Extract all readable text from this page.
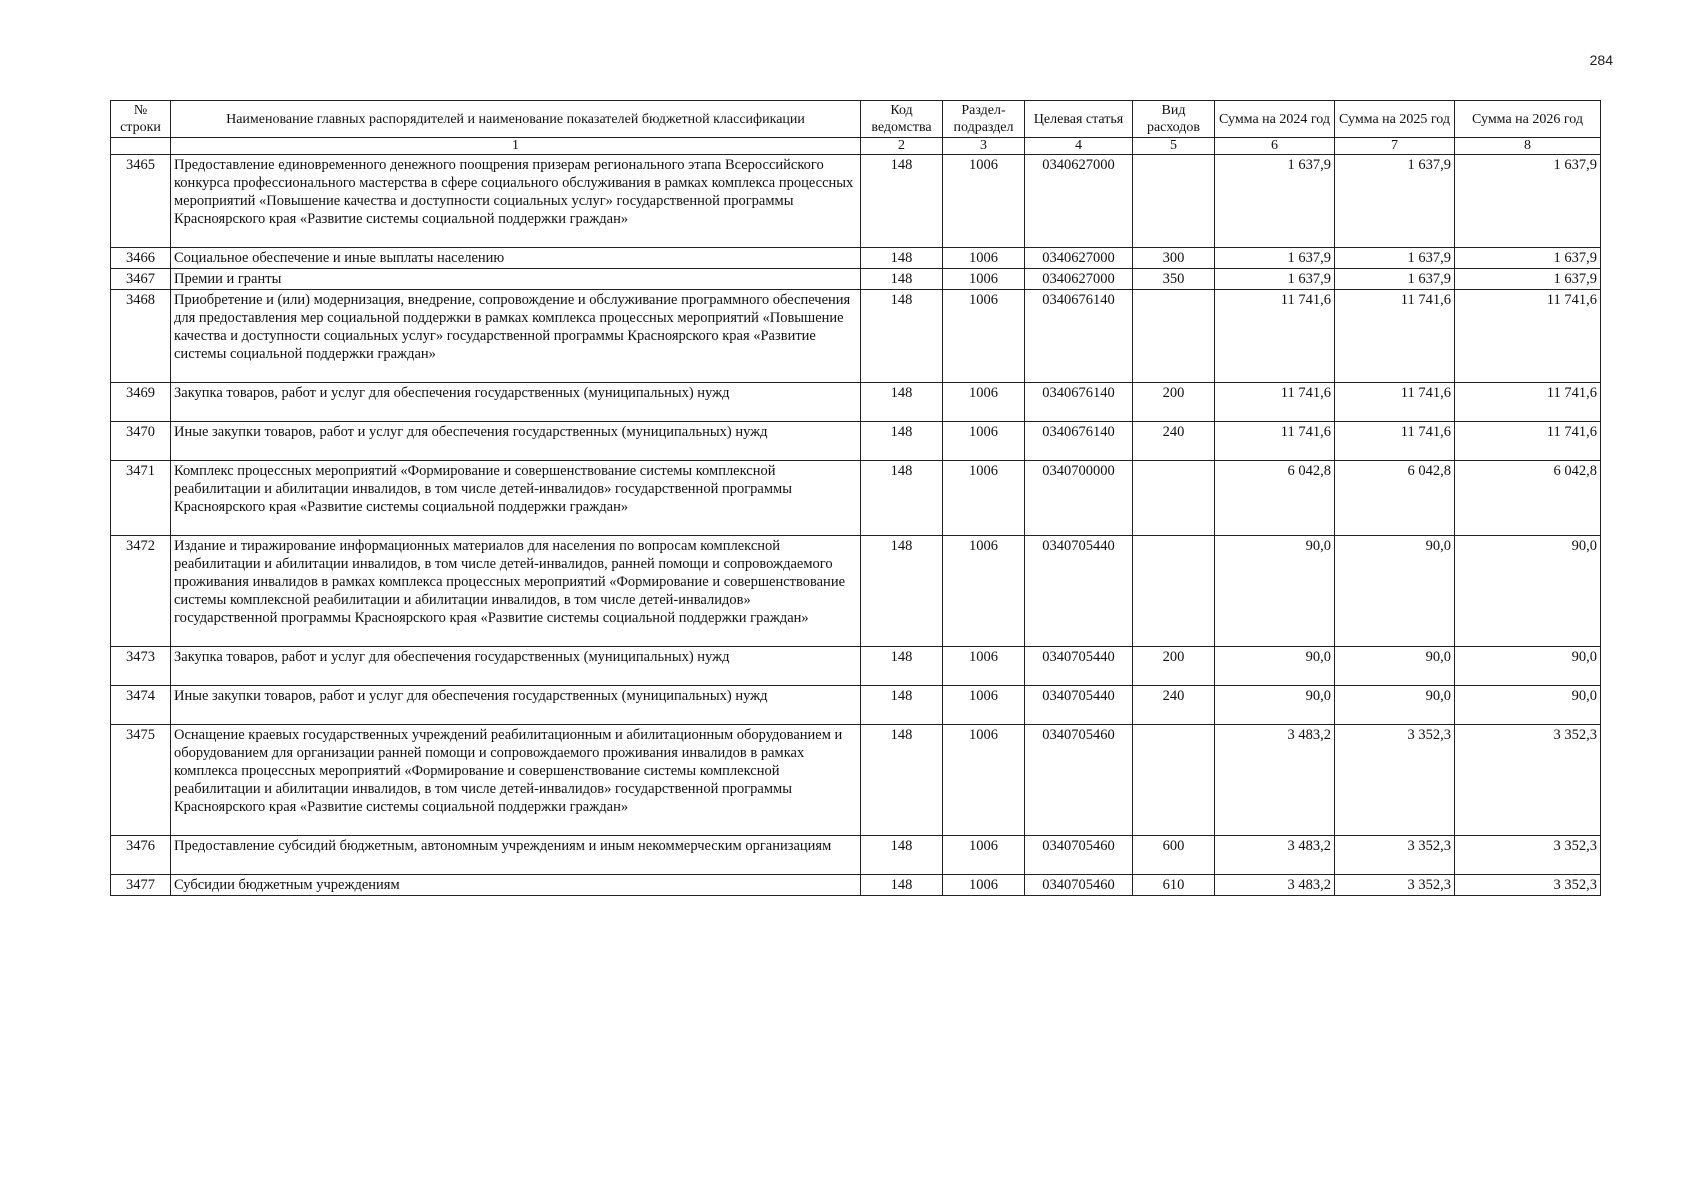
284
№ строки	Наименование главных распорядителей и наименование показателей бюджетной классификации	Код ведомства	Раздел-подраздел	Целевая статья	Вид расходов	Сумма на 2024 год	Сумма на 2025 год	Сумма на 2026 год
	1	2	3	4	5	6	7	8
3465	Предоставление единовременного денежного поощрения призерам регионального этапа Всероссийского конкурса профессионального мастерства в сфере социального обслуживания в рамках комплекса процессных мероприятий «Повышение качества и доступности социальных услуг» государственной программы Красноярского края «Развитие системы социальной поддержки граждан»	148	1006	0340627000		1 637,9	1 637,9	1 637,9
3466	Социальное обеспечение и иные выплаты населению	148	1006	0340627000	300	1 637,9	1 637,9	1 637,9
3467	Премии и гранты	148	1006	0340627000	350	1 637,9	1 637,9	1 637,9
3468	Приобретение и (или) модернизация, внедрение, сопровождение и обслуживание программного обеспечения для предоставления мер социальной поддержки в рамках комплекса процессных мероприятий «Повышение качества и доступности социальных услуг» государственной программы Красноярского края «Развитие системы социальной поддержки граждан»	148	1006	0340676140		11 741,6	11 741,6	11 741,6
3469	Закупка товаров, работ и услуг для обеспечения государственных (муниципальных) нужд	148	1006	0340676140	200	11 741,6	11 741,6	11 741,6
3470	Иные закупки товаров, работ и услуг для обеспечения государственных (муниципальных) нужд	148	1006	0340676140	240	11 741,6	11 741,6	11 741,6
3471	Комплекс процессных мероприятий «Формирование и совершенствование системы комплексной реабилитации и абилитации инвалидов, в том числе детей-инвалидов» государственной программы Красноярского края «Развитие системы социальной поддержки граждан»	148	1006	0340700000		6 042,8	6 042,8	6 042,8
3472	Издание и тиражирование информационных материалов для населения по вопросам комплексной реабилитации и абилитации инвалидов, в том числе детей-инвалидов, ранней помощи и сопровождаемого проживания инвалидов в рамках комплекса процессных мероприятий «Формирование и совершенствование системы комплексной реабилитации и абилитации инвалидов, в том числе детей-инвалидов» государственной программы Красноярского края «Развитие системы социальной поддержки граждан»	148	1006	0340705440		90,0	90,0	90,0
3473	Закупка товаров, работ и услуг для обеспечения государственных (муниципальных) нужд	148	1006	0340705440	200	90,0	90,0	90,0
3474	Иные закупки товаров, работ и услуг для обеспечения государственных (муниципальных) нужд	148	1006	0340705440	240	90,0	90,0	90,0
3475	Оснащение краевых государственных учреждений реабилитационным и абилитационным оборудованием и оборудованием для организации ранней помощи и сопровождаемого проживания инвалидов в рамках комплекса процессных мероприятий «Формирование и совершенствование системы комплексной реабилитации и абилитации инвалидов, в том числе детей-инвалидов» государственной программы Красноярского края «Развитие системы социальной поддержки граждан»	148	1006	0340705460		3 483,2	3 352,3	3 352,3
3476	Предоставление субсидий бюджетным, автономным учреждениям и иным некоммерческим организациям	148	1006	0340705460	600	3 483,2	3 352,3	3 352,3
3477	Субсидии бюджетным учреждениям	148	1006	0340705460	610	3 483,2	3 352,3	3 352,3
